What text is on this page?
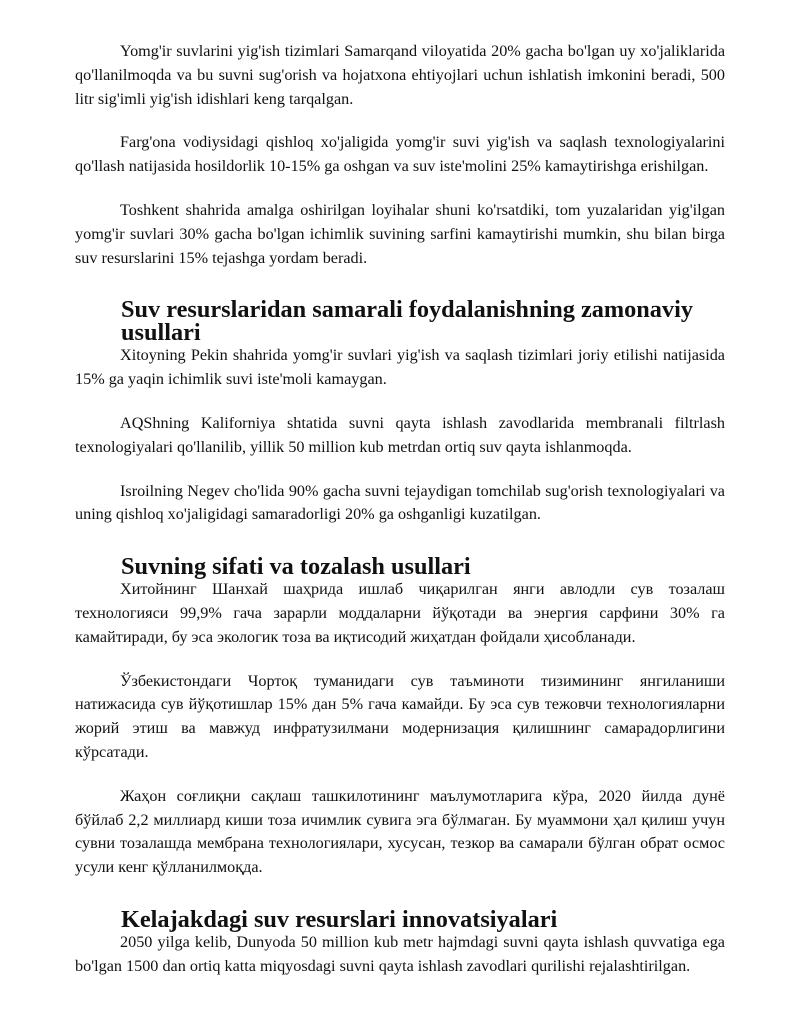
Yomg'ir suvlarini yig'ish tizimlari Samarqand viloyatida 20% gacha bo'lgan uy xo'jaliklarida qo'llanilmoqda va bu suvni sug'orish va hojatxona ehtiyojlari uchun ishlatish imkonini beradi, 500 litr sig'imli yig'ish idishlari keng tarqalgan.

Farg'ona vodiysidagi qishloq xo'jaligida yomg'ir suvi yig'ish va saqlash texnologiyalarini qo'llash natijasida hosildorlik 10-15% ga oshgan va suv iste'molini 25% kamaytirishga erishilgan.

Toshkent shahrida amalga oshirilgan loyihalar shuni ko'rsatdiki, tom yuzalaridan yig'ilgan yomg'ir suvlari 30% gacha bo'lgan ichimlik suvining sarfini kamaytirishi mumkin, shu bilan birga suv resurslarini 15% tejashga yordam beradi.

Suv resurslaridan samarali foydalanishning zamonaviy usullari

Xitoyning Pekin shahrida yomg'ir suvlari yig'ish va saqlash tizimlari joriy etilishi natijasida 15% ga yaqin ichimlik suvi iste'moli kamaygan.

AQShning Kaliforniya shtatida suvni qayta ishlash zavodlarida membranali filtrlash texnologiyalari qo'llanilib, yillik 50 million kub metrdan ortiq suv qayta ishlanmoqda.

Isroilning Negev cho'lida 90% gacha suvni tejaydigan tomchilab sug'orish texnologiyalari va uning qishloq xo'jaligidagi samaradorligi 20% ga oshganligi kuzatilgan.

Suvning sifati va tozalash usullari

Хитойнинг Шанхай шаҳрида ишлаб чиқарилган янги авлодли сув тозалаш технологияси 99,9% гача зарарли моддаларни йўқотади ва энергия сарфини 30% га камайтиради, бу эса экологик тоза ва иқтисодий жиҳатдан фойдали ҳисобланади.

Ўзбекистондаги Чортоқ туманидаги сув таъминоти тизимининг янгиланиши натижасида сув йўқотишлар 15% дан 5% гача камайди. Бу эса сув тежовчи технологияларни жорий этиш ва мавжуд инфратузилмани модернизация қилишнинг самарадорлигини кўрсатади.

Жаҳон соғлиқни сақлаш ташкилотининг маълумотларига кўра, 2020 йилда дунё бўйлаб 2,2 миллиард киши тоза ичимлик сувига эга бўлмаган. Бу муаммони ҳал қилиш учун сувни тозалашда мембрана технологиялари, хусусан, тезкор ва самарали бўлган обрат осмос усули кенг қўлланилмоқда.

Kelajakdagi suv resurslari innovatsiyalari

2050 yilga kelib, Dunyoda 50 million kub metr hajmdagi suvni qayta ishlash quvvatiga ega bo'lgan 1500 dan ortiq katta miqyosdagi suvni qayta ishlash zavodlari qurilishi rejalashtirilgan.
